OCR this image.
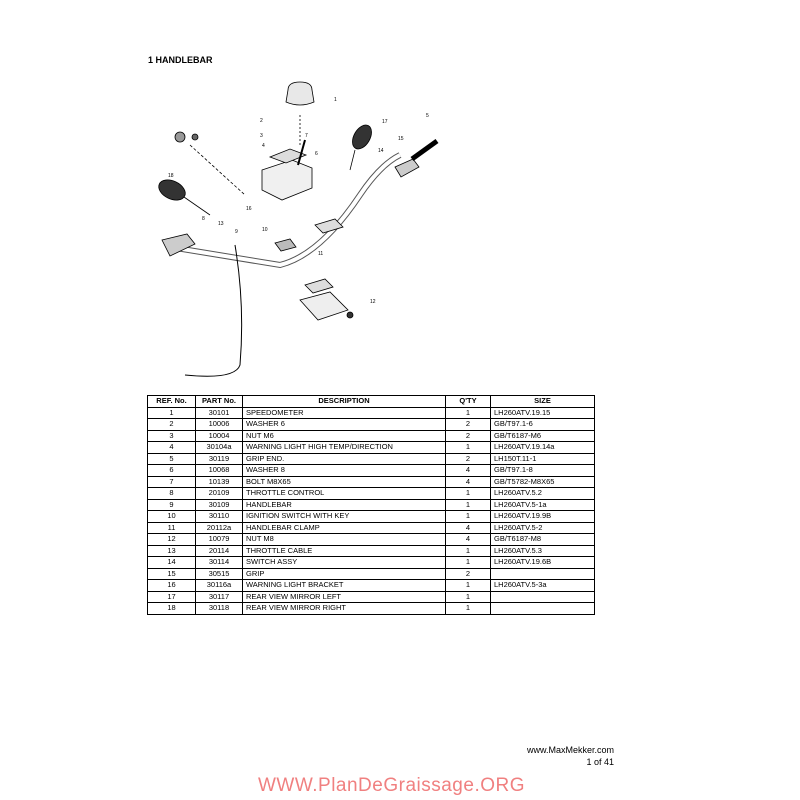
1 HANDLEBAR
1
2
3
4
5
6
7
8
9	10
11
12
13
14
15
16
17
18
REF. No.	PART No.	DESCRIPTION	Q'TY	SIZE
1	30101	SPEEDOMETER	1	LH260ATV.19.15
2	10006	WASHER 6	2	GB/T97.1-6
3	10004	NUT M6	2	GB/T6187-M6
4	30104a	WARNING LIGHT HIGH TEMP/DIRECTION	1	LH260ATV.19.14a
5	30119	GRIP END.	2	LH150T.11-1
6	10068	WASHER 8	4	GB/T97.1-8
7	10139	BOLT M8X65	4	GB/T5782-M8X65
8	20109	THROTTLE CONTROL	1	LH260ATV.5.2
9	30109	HANDLEBAR	1	LH260ATV.5-1a
10	30110	IGNITION SWITCH WITH KEY	1	LH260ATV.19.9B
11	20112a	HANDLEBAR CLAMP	4	LH260ATV.5-2
12	10079	NUT M8	4	GB/T6187-M8
13	20114	THROTTLE CABLE	1	LH260ATV.5.3
14	30114	SWITCH ASSY	1	LH260ATV.19.6B
15	30515	GRIP	2	
16	30116a	WARNING LIGHT BRACKET	1	LH260ATV.5-3a
17	30117	REAR VIEW MIRROR LEFT	1	
18	30118	REAR VIEW MIRROR RIGHT	1	
www.MaxMekker.com
1 of 41
WWW.PlanDeGraissage.ORG
